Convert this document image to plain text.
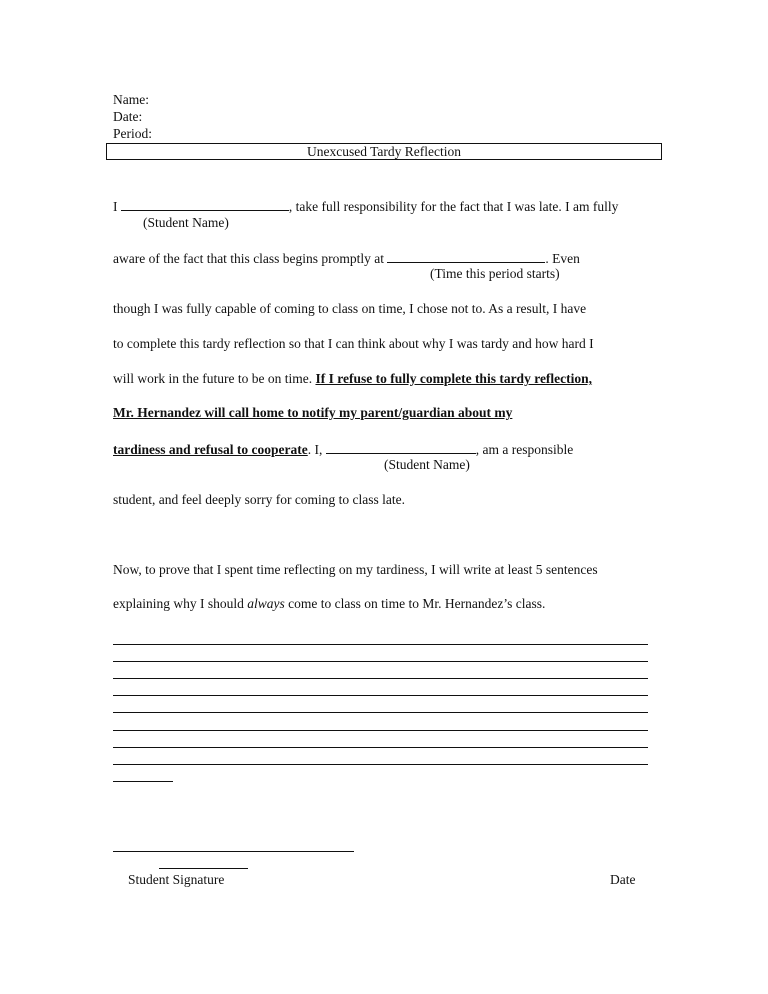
Name:
Date:
Period:
Unexcused Tardy Reflection
I	, take full responsibility for the fact that I was late. I am fully
(Student Name)
aware of the fact that this class begins promptly at	. Even
(Time this period starts)
though I was fully capable of coming to class on time, I chose not to. As a result, I have
to complete this tardy reflection so that I can think about why I was tardy and how hard I
will work in the future to be on time. If I refuse to fully complete this tardy reflection,
Mr. Hernandez will call home to notify my parent/guardian about my
tardiness and refusal to cooperate. I,	, am a responsible
(Student Name)
student, and feel deeply sorry for coming to class late.
Now, to prove that I spent time reflecting on my tardiness, I will write at least 5 sentences
explaining why I should always come to class on time to Mr. Hernandez’s class.
Student Signature	Date
